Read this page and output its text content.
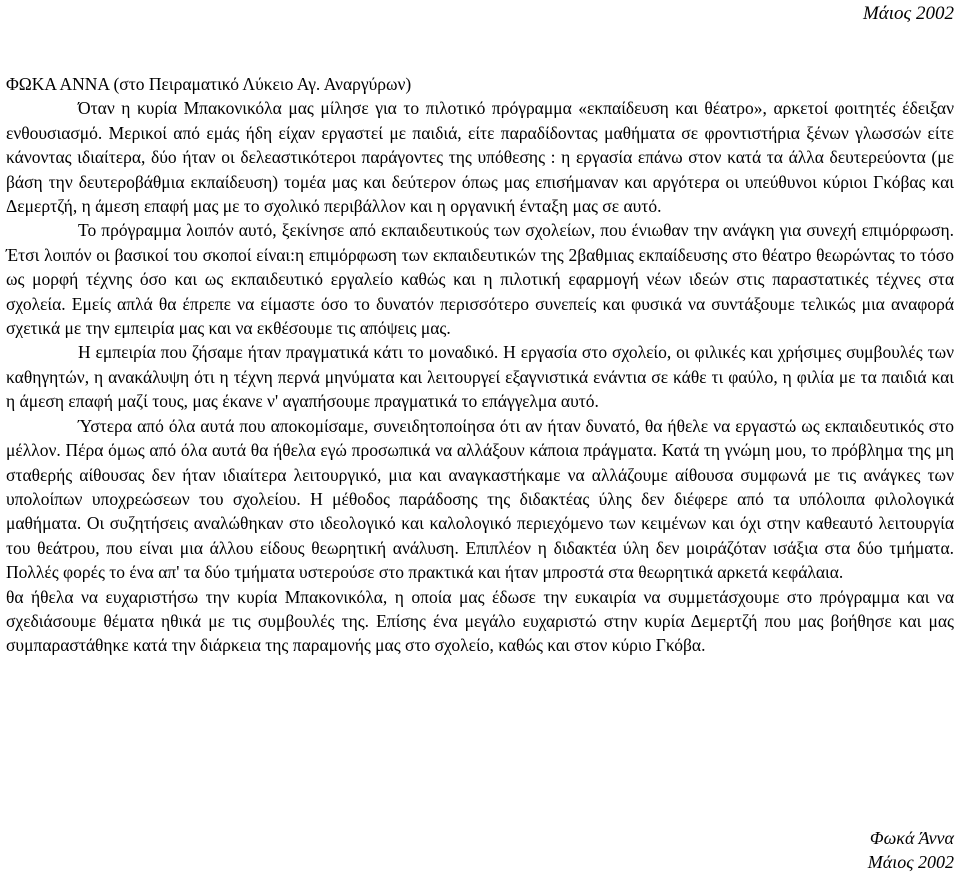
Μάιος 2002

ΦΩΚΑ ΑΝΝΑ (στο Πειραματικό Λύκειο Αγ. Αναργύρων)

Όταν η κυρία Μπακονικόλα μας μίλησε για το πιλοτικό πρόγραμμα «εκπαίδευση και θέατρο», αρκετοί φοιτητές έδειξαν ενθουσιασμό. Μερικοί από εμάς ήδη είχαν εργαστεί με παιδιά, είτε παραδίδοντας μαθήματα σε φροντιστήρια ξένων γλωσσών είτε κάνοντας ιδιαίτερα, δύο ήταν οι δελεαστικότεροι παράγοντες της υπόθεσης : η εργασία επάνω στον κατά τα άλλα δευτερεύοντα (με βάση την δευτεροβάθμια εκπαίδευση) τομέα μας και δεύτερον όπως μας επισήμαναν και αργότερα οι υπεύθυνοι κύριοι Γκόβας και Δεμερτζή, η άμεση επαφή μας με το σχολικό περιβάλλον και η οργανική ένταξη μας σε αυτό.

Το πρόγραμμα λοιπόν αυτό, ξεκίνησε από εκπαιδευτικούς των σχολείων, που ένιωθαν την ανάγκη για συνεχή επιμόρφωση. Έτσι λοιπόν οι βασικοί του σκοποί είναι:η επιμόρφωση των εκπαιδευτικών της 2βαθμιας εκπαίδευσης στο θέατρο θεωρώντας το τόσο ως μορφή τέχνης όσο και ως εκπαιδευτικό εργαλείο καθώς και η πιλοτική εφαρμογή νέων ιδεών στις παραστατικές τέχνες στα σχολεία. Εμείς απλά θα έπρεπε να είμαστε όσο το δυνατόν περισσότερο συνεπείς και φυσικά να συντάξουμε τελικώς μια αναφορά σχετικά με την εμπειρία μας και να εκθέσουμε τις απόψεις μας.

Η εμπειρία που ζήσαμε ήταν πραγματικά κάτι το μοναδικό. Η εργασία στο σχολείο, οι φιλικές και χρήσιμες συμβουλές των καθηγητών, η ανακάλυψη ότι η τέχνη περνά μηνύματα και λειτουργεί εξαγνιστικά ενάντια σε κάθε τι φαύλο, η φιλία με τα παιδιά και η άμεση επαφή μαζί τους, μας έκανε ν' αγαπήσουμε πραγματικά το επάγγελμα αυτό.

Ύστερα από όλα αυτά που αποκομίσαμε, συνειδητοποίησα ότι αν ήταν δυνατό, θα ήθελε να εργαστώ ως εκπαιδευτικός στο μέλλον. Πέρα όμως από όλα αυτά θα ήθελα εγώ προσωπικά να αλλάξουν κάποια πράγματα. Κατά τη γνώμη μου, το πρόβλημα της μη σταθερής αίθουσας δεν ήταν ιδιαίτερα λειτουργικό, μια και αναγκαστήκαμε να αλλάζουμε αίθουσα συμφωνά με τις ανάγκες των υπολοίπων υποχρεώσεων του σχολείου. Η μέθοδος παράδοσης της διδακτέας ύλης δεν διέφερε από τα υπόλοιπα φιλολογικά μαθήματα. Οι συζητήσεις αναλώθηκαν στο ιδεολογικό και καλολογικό περιεχόμενο των κειμένων και όχι στην καθεαυτό λειτουργία του θεάτρου, που είναι μια άλλου είδους θεωρητική ανάλυση. Επιπλέον η διδακτέα ύλη δεν μοιράζόταν ισάξια στα δύο τμήματα. Πολλές φορές το ένα απ' τα δύο τμήματα υστερούσε στο πρακτικά και ήταν μπροστά στα θεωρητικά αρκετά κεφάλαια.

θα ήθελα να ευχαριστήσω την κυρία Μπακονικόλα, η οποία μας έδωσε την ευκαιρία να συμμετάσχουμε στο πρόγραμμα και να σχεδιάσουμε θέματα ηθικά με τις συμβουλές της. Επίσης ένα μεγάλο ευχαριστώ στην κυρία Δεμερτζή που μας βοήθησε και μας συμπαραστάθηκε κατά την διάρκεια της παραμονής μας στο σχολείο, καθώς και στον κύριο Γκόβα.

Φωκά Άννα
Μάιος 2002
